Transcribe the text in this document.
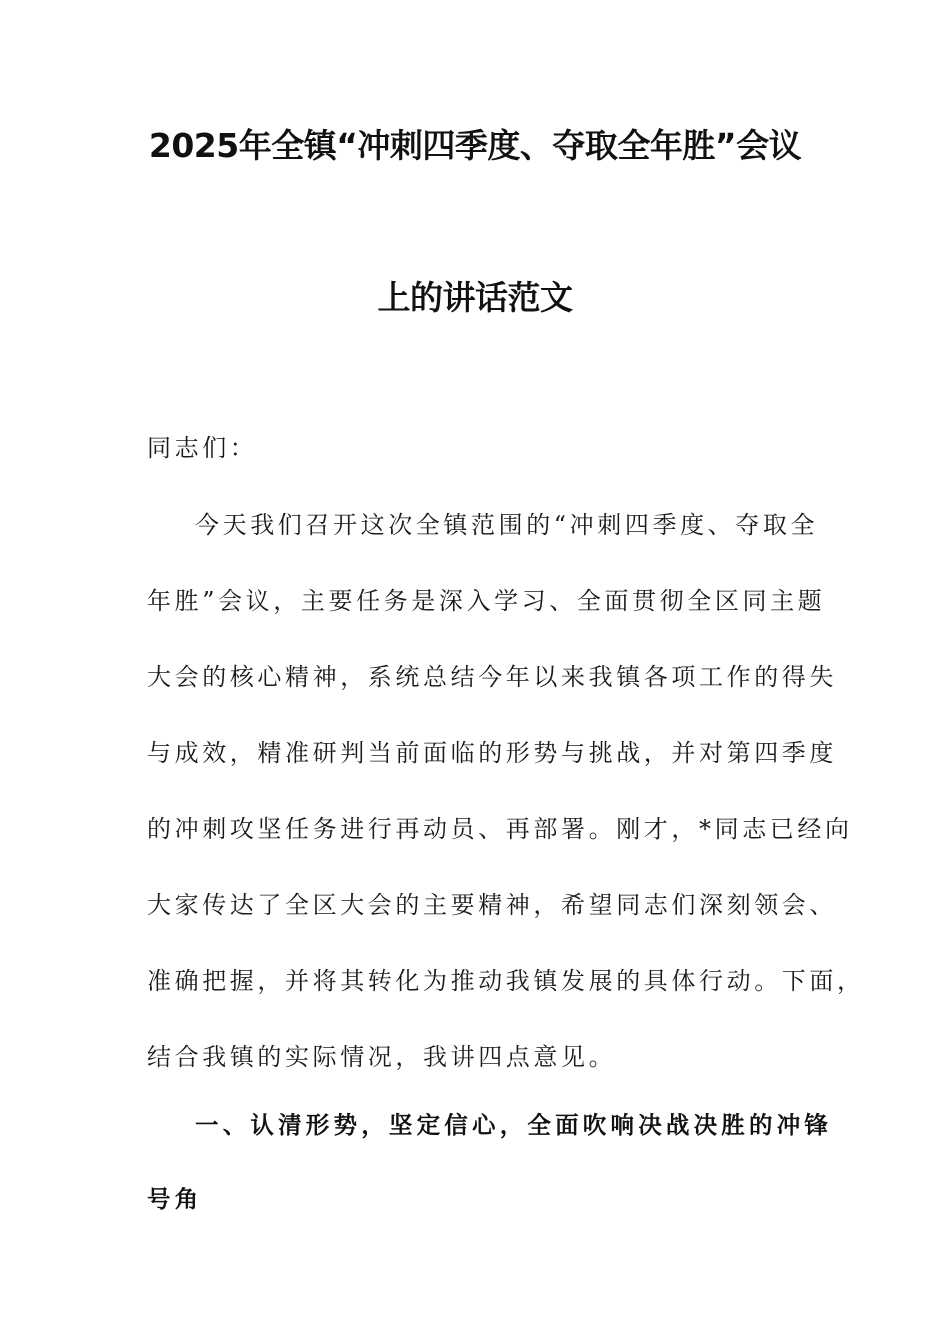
2025年全镇“冲刺四季度、夺取全年胜”会议
上的讲话范文
同志们：
今天我们召开这次全镇范围的“冲刺四季度、夺取全
年胜”会议，主要任务是深入学习、全面贯彻全区同主题
大会的核心精神，系统总结今年以来我镇各项工作的得失
与成效，精准研判当前面临的形势与挑战，并对第四季度
的冲刺攻坚任务进行再动员、再部署。刚才，*同志已经向
大家传达了全区大会的主要精神，希望同志们深刻领会、
准确把握，并将其转化为推动我镇发展的具体行动。下面，
结合我镇的实际情况，我讲四点意见。
一、认清形势，坚定信心，全面吹响决战决胜的冲锋
号角
